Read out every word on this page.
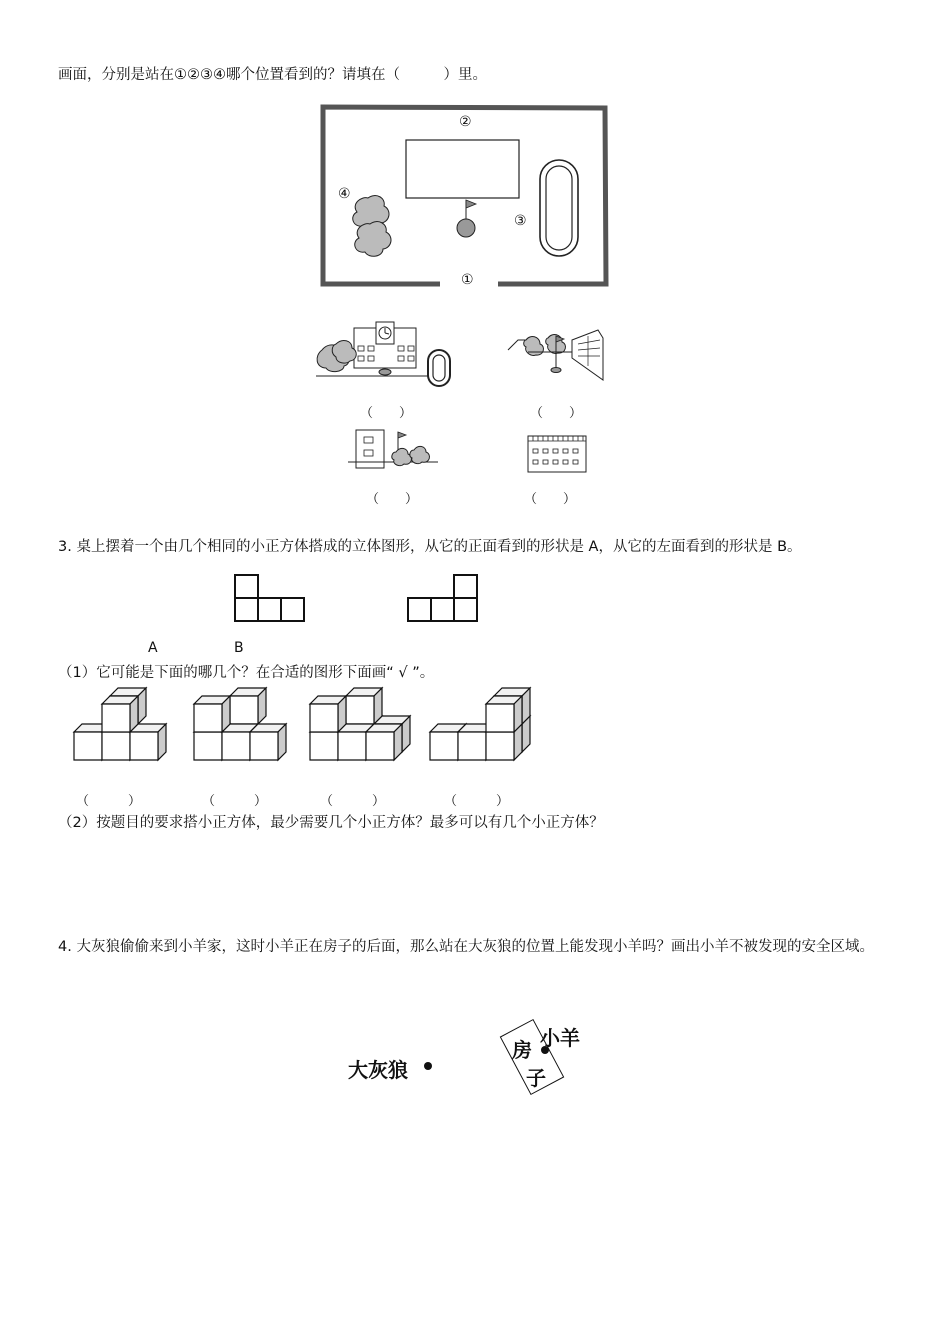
画面，分别是站在①②③④哪个位置看到的？请填在（　　　）里。
②
④
③
①
（　　）	（　　）
（　　）	（　　）
3. 桌上摆着一个由几个相同的小正方体搭成的立体图形，从它的正面看到的形状是 A，从它的左面看到的形状是 B。
A	B
（1）它可能是下面的哪几个？在合适的图形下面画“ √ ”。
（　　　）	（　　　）	（　　　）	（　　　）
（2）按题目的要求搭小正方体，最少需要几个小正方体？最多可以有几个小正方体？
4. 大灰狼偷偷来到小羊家，这时小羊正在房子的后面，那么站在大灰狼的位置上能发现小羊吗？画出小羊不被发现的安全区域。
大灰狼
房
子
小羊
